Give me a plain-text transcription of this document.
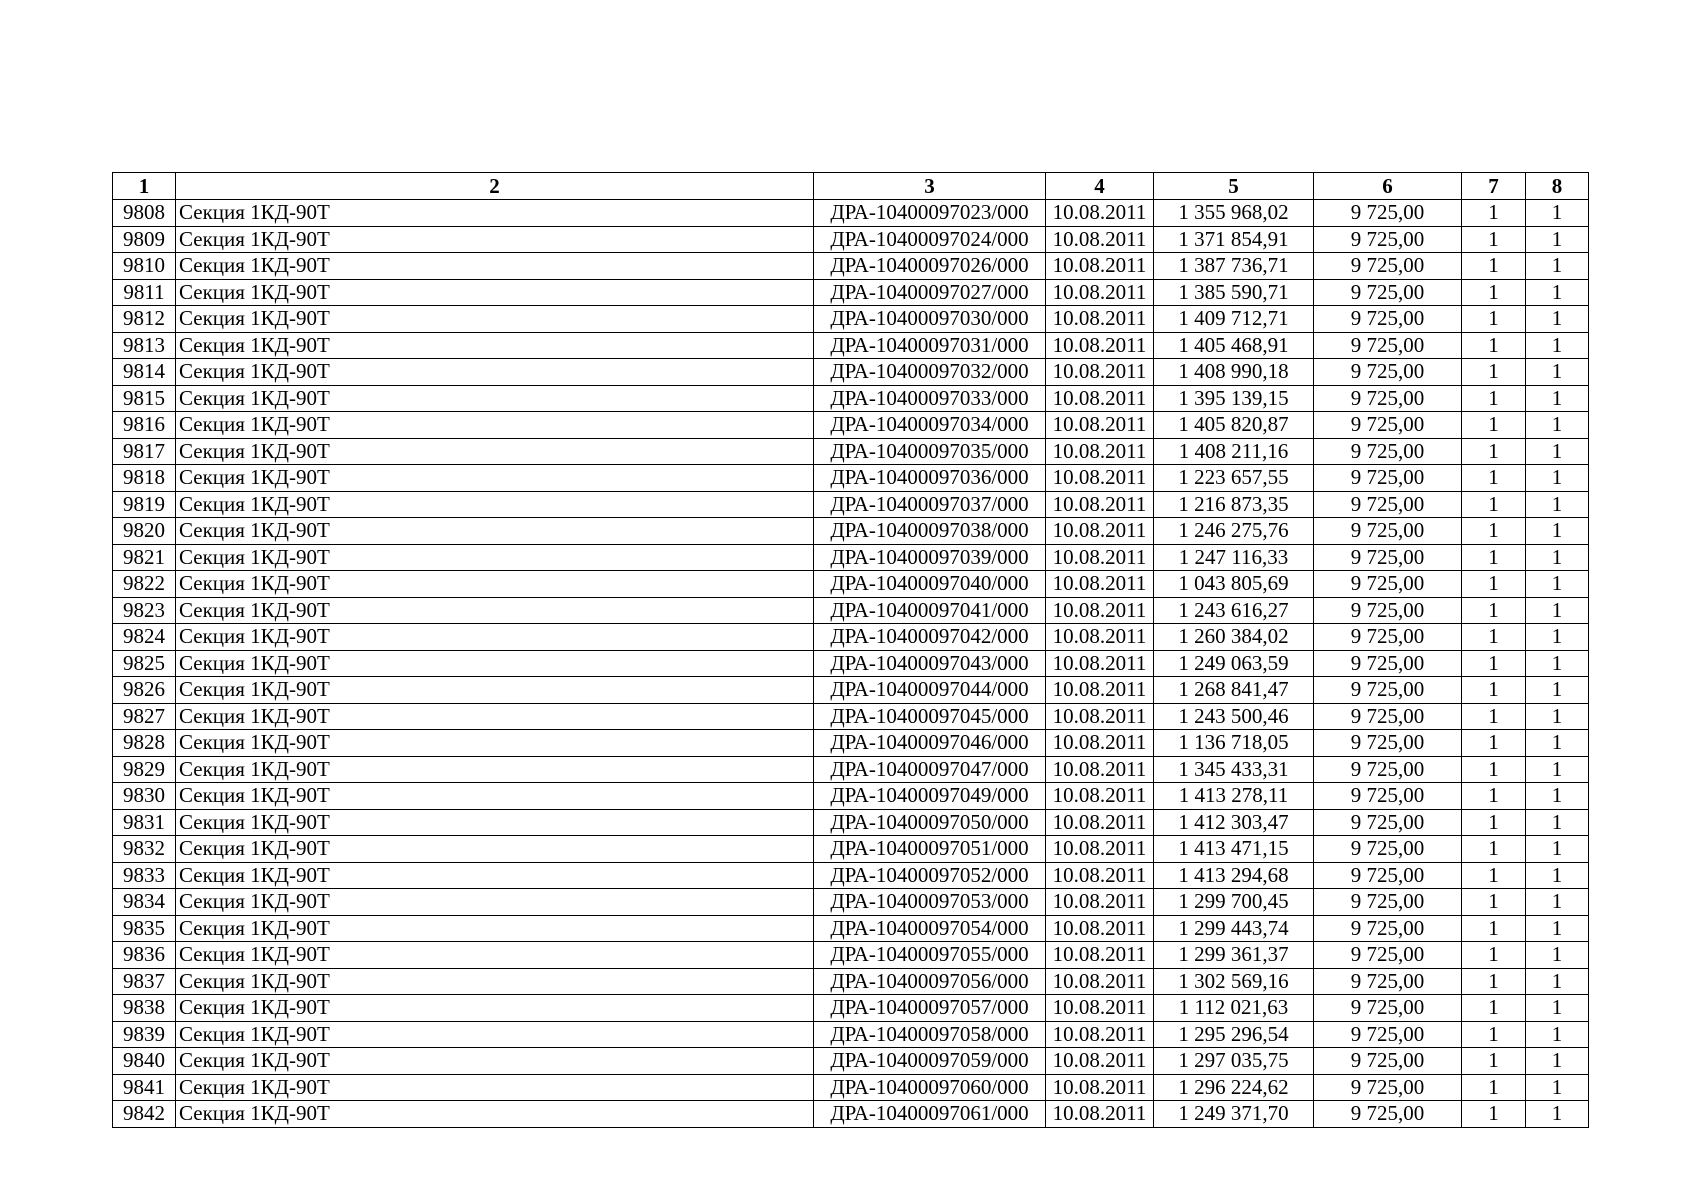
1	2	3	4	5	6	7	8
9808	Секция 1КД-90Т	ДРА-10400097023/000	10.08.2011	1 355 968,02	9 725,00	1	1
9809	Секция 1КД-90Т	ДРА-10400097024/000	10.08.2011	1 371 854,91	9 725,00	1	1
9810	Секция 1КД-90Т	ДРА-10400097026/000	10.08.2011	1 387 736,71	9 725,00	1	1
9811	Секция 1КД-90Т	ДРА-10400097027/000	10.08.2011	1 385 590,71	9 725,00	1	1
9812	Секция 1КД-90Т	ДРА-10400097030/000	10.08.2011	1 409 712,71	9 725,00	1	1
9813	Секция 1КД-90Т	ДРА-10400097031/000	10.08.2011	1 405 468,91	9 725,00	1	1
9814	Секция 1КД-90Т	ДРА-10400097032/000	10.08.2011	1 408 990,18	9 725,00	1	1
9815	Секция 1КД-90Т	ДРА-10400097033/000	10.08.2011	1 395 139,15	9 725,00	1	1
9816	Секция 1КД-90Т	ДРА-10400097034/000	10.08.2011	1 405 820,87	9 725,00	1	1
9817	Секция 1КД-90Т	ДРА-10400097035/000	10.08.2011	1 408 211,16	9 725,00	1	1
9818	Секция 1КД-90Т	ДРА-10400097036/000	10.08.2011	1 223 657,55	9 725,00	1	1
9819	Секция 1КД-90Т	ДРА-10400097037/000	10.08.2011	1 216 873,35	9 725,00	1	1
9820	Секция 1КД-90Т	ДРА-10400097038/000	10.08.2011	1 246 275,76	9 725,00	1	1
9821	Секция 1КД-90Т	ДРА-10400097039/000	10.08.2011	1 247 116,33	9 725,00	1	1
9822	Секция 1КД-90Т	ДРА-10400097040/000	10.08.2011	1 043 805,69	9 725,00	1	1
9823	Секция 1КД-90Т	ДРА-10400097041/000	10.08.2011	1 243 616,27	9 725,00	1	1
9824	Секция 1КД-90Т	ДРА-10400097042/000	10.08.2011	1 260 384,02	9 725,00	1	1
9825	Секция 1КД-90Т	ДРА-10400097043/000	10.08.2011	1 249 063,59	9 725,00	1	1
9826	Секция 1КД-90Т	ДРА-10400097044/000	10.08.2011	1 268 841,47	9 725,00	1	1
9827	Секция 1КД-90Т	ДРА-10400097045/000	10.08.2011	1 243 500,46	9 725,00	1	1
9828	Секция 1КД-90Т	ДРА-10400097046/000	10.08.2011	1 136 718,05	9 725,00	1	1
9829	Секция 1КД-90Т	ДРА-10400097047/000	10.08.2011	1 345 433,31	9 725,00	1	1
9830	Секция 1КД-90Т	ДРА-10400097049/000	10.08.2011	1 413 278,11	9 725,00	1	1
9831	Секция 1КД-90Т	ДРА-10400097050/000	10.08.2011	1 412 303,47	9 725,00	1	1
9832	Секция 1КД-90Т	ДРА-10400097051/000	10.08.2011	1 413 471,15	9 725,00	1	1
9833	Секция 1КД-90Т	ДРА-10400097052/000	10.08.2011	1 413 294,68	9 725,00	1	1
9834	Секция 1КД-90Т	ДРА-10400097053/000	10.08.2011	1 299 700,45	9 725,00	1	1
9835	Секция 1КД-90Т	ДРА-10400097054/000	10.08.2011	1 299 443,74	9 725,00	1	1
9836	Секция 1КД-90Т	ДРА-10400097055/000	10.08.2011	1 299 361,37	9 725,00	1	1
9837	Секция 1КД-90Т	ДРА-10400097056/000	10.08.2011	1 302 569,16	9 725,00	1	1
9838	Секция 1КД-90Т	ДРА-10400097057/000	10.08.2011	1 112 021,63	9 725,00	1	1
9839	Секция 1КД-90Т	ДРА-10400097058/000	10.08.2011	1 295 296,54	9 725,00	1	1
9840	Секция 1КД-90Т	ДРА-10400097059/000	10.08.2011	1 297 035,75	9 725,00	1	1
9841	Секция 1КД-90Т	ДРА-10400097060/000	10.08.2011	1 296 224,62	9 725,00	1	1
9842	Секция 1КД-90Т	ДРА-10400097061/000	10.08.2011	1 249 371,70	9 725,00	1	1
